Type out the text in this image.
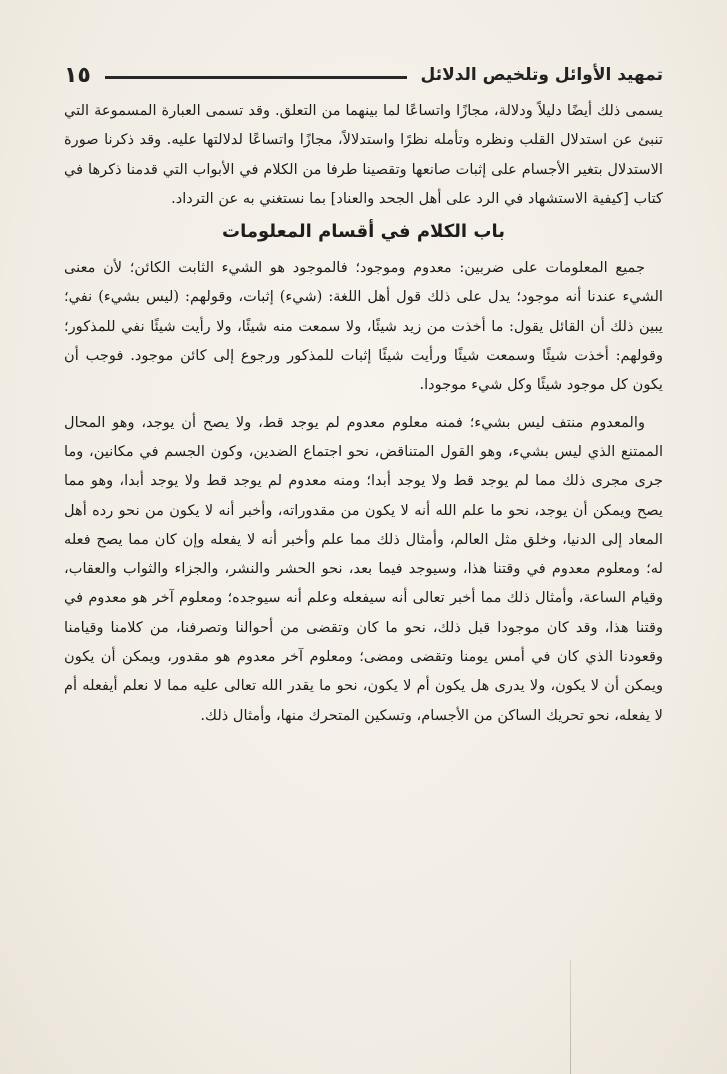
تمهيد الأوائل وتلخيص الدلائل
١٥

يسمى ذلك أيضًا دليلاً ودلالة، مجازًا واتساعًا لما بينهما من التعلق. وقد تسمى العبارة المسموعة التي تنبئ عن استدلال القلب ونظره وتأمله نظرًا واستدلالاً، مجازًا واتساعًا لدلالتها عليه. وقد ذكرنا صورة الاستدلال بتغير الأجسام على إثبات صانعها وتقصينا طرفا من الكلام في الأبواب التي قدمنا ذكرها في كتاب [كيفية الاستشهاد في الرد على أهل الجحد والعناد] بما نستغني به عن الترداد.

باب الكلام في أقسام المعلومات

جميع المعلومات على ضربين: معدوم وموجود؛ فالموجود هو الشيء الثابت الكائن؛ لأن معنى الشيء عندنا أنه موجود؛ يدل على ذلك قول أهل اللغة: (شيء) إثبات، وقولهم: (ليس بشيء) نفي؛ يبين ذلك أن القائل يقول: ما أخذت من زيد شيئًا، ولا سمعت منه شيئًا، ولا رأيت شيئًا نفي للمذكور؛ وقولهم: أخذت شيئًا وسمعت شيئًا ورأيت شيئًا إثبات للمذكور ورجوع إلى كائن موجود. فوجب أن يكون كل موجود شيئًا وكل شيء موجودا.

والمعدوم منتف ليس بشيء؛ فمنه معلوم معدوم لم يوجد قط، ولا يصح أن يوجد، وهو المحال الممتنع الذي ليس بشيء، وهو القول المتناقض، نحو اجتماع الضدين، وكون الجسم في مكانين، وما جرى مجرى ذلك مما لم يوجد قط ولا يوجد أبدا؛ ومنه معدوم لم يوجد قط ولا يوجد أبدا، وهو مما يصح ويمكن أن يوجد، نحو ما علم الله أنه لا يكون من مقدوراته، وأخبر أنه لا يكون من نحو رده أهل المعاد إلى الدنيا، وخلق مثل العالم، وأمثال ذلك مما علم وأخبر أنه لا يفعله وإن كان مما يصح فعله له؛ ومعلوم معدوم في وقتنا هذا، وسيوجد فيما بعد، نحو الحشر والنشر، والجزاء والثواب والعقاب، وقيام الساعة، وأمثال ذلك مما أخبر تعالى أنه سيفعله وعلم أنه سيوجده؛ ومعلوم آخر هو معدوم في وقتنا هذا، وقد كان موجودا قبل ذلك، نحو ما كان وتقضى من أحوالنا وتصرفنا، من كلامنا وقيامنا وقعودنا الذي كان في أمس يومنا وتقضى ومضى؛ ومعلوم آخر معدوم هو مقدور، ويمكن أن يكون ويمكن أن لا يكون، ولا يدرى هل يكون أم لا يكون، نحو ما يقدر الله تعالى عليه مما لا نعلم أيفعله أم لا يفعله، نحو تحريك الساكن من الأجسام، وتسكين المتحرك منها، وأمثال ذلك.
